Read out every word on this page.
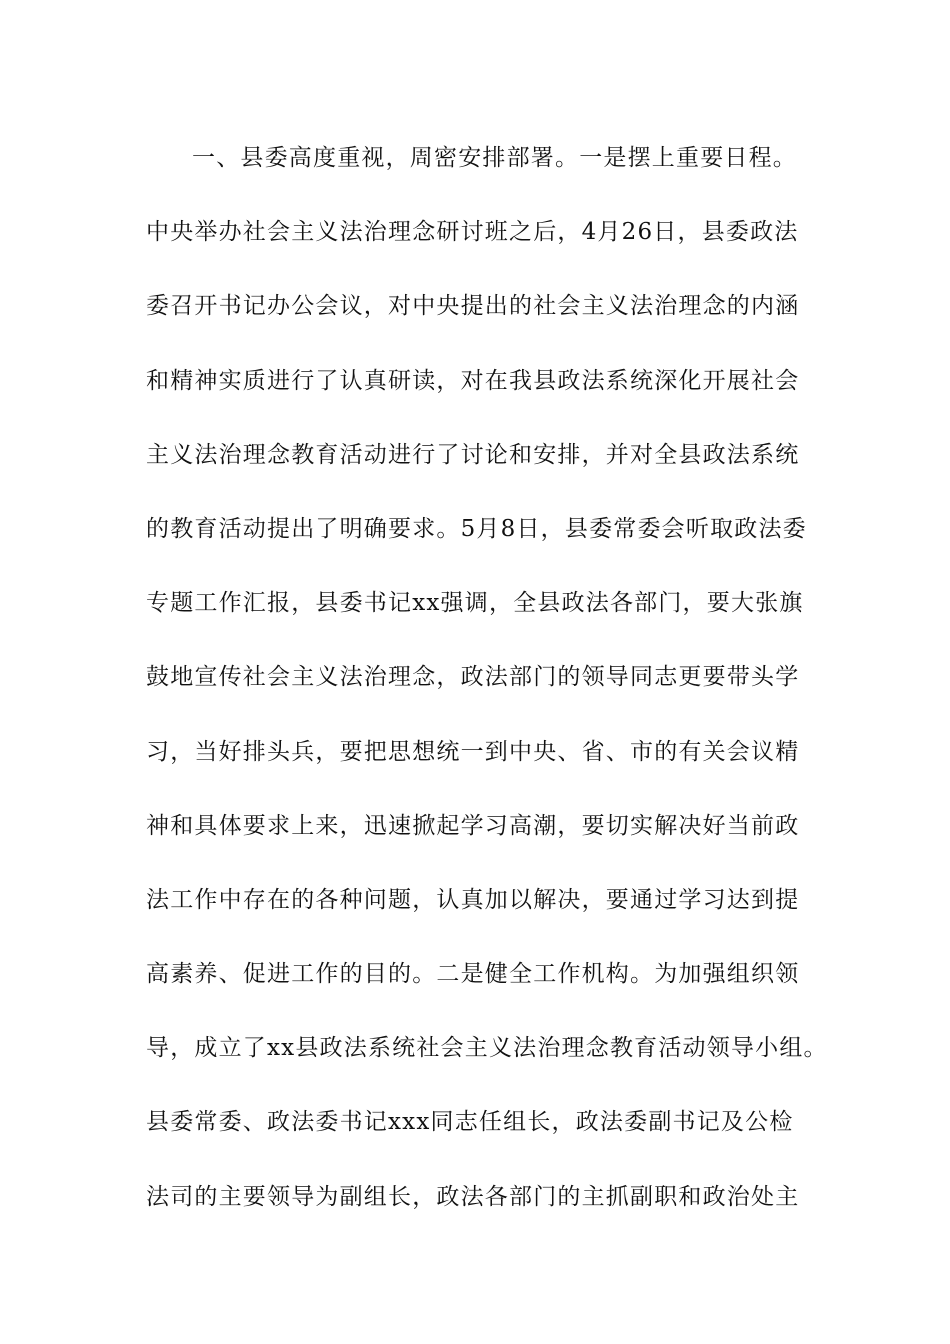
一、县委高度重视，周密安排部署。一是摆上重要日程。
中央举办社会主义法治理念研讨班之后，4月26日，县委政法
委召开书记办公会议，对中央提出的社会主义法治理念的内涵
和精神实质进行了认真研读，对在我县政法系统深化开展社会
主义法治理念教育活动进行了讨论和安排，并对全县政法系统
的教育活动提出了明确要求。5月8日，县委常委会听取政法委
专题工作汇报，县委书记xx强调，全县政法各部门，要大张旗
鼓地宣传社会主义法治理念，政法部门的领导同志更要带头学
习，当好排头兵，要把思想统一到中央、省、市的有关会议精
神和具体要求上来，迅速掀起学习高潮，要切实解决好当前政
法工作中存在的各种问题，认真加以解决，要通过学习达到提
高素养、促进工作的目的。二是健全工作机构。为加强组织领
导，成立了xx县政法系统社会主义法治理念教育活动领导小组。
县委常委、政法委书记xxx同志任组长，政法委副书记及公检
法司的主要领导为副组长，政法各部门的主抓副职和政治处主
